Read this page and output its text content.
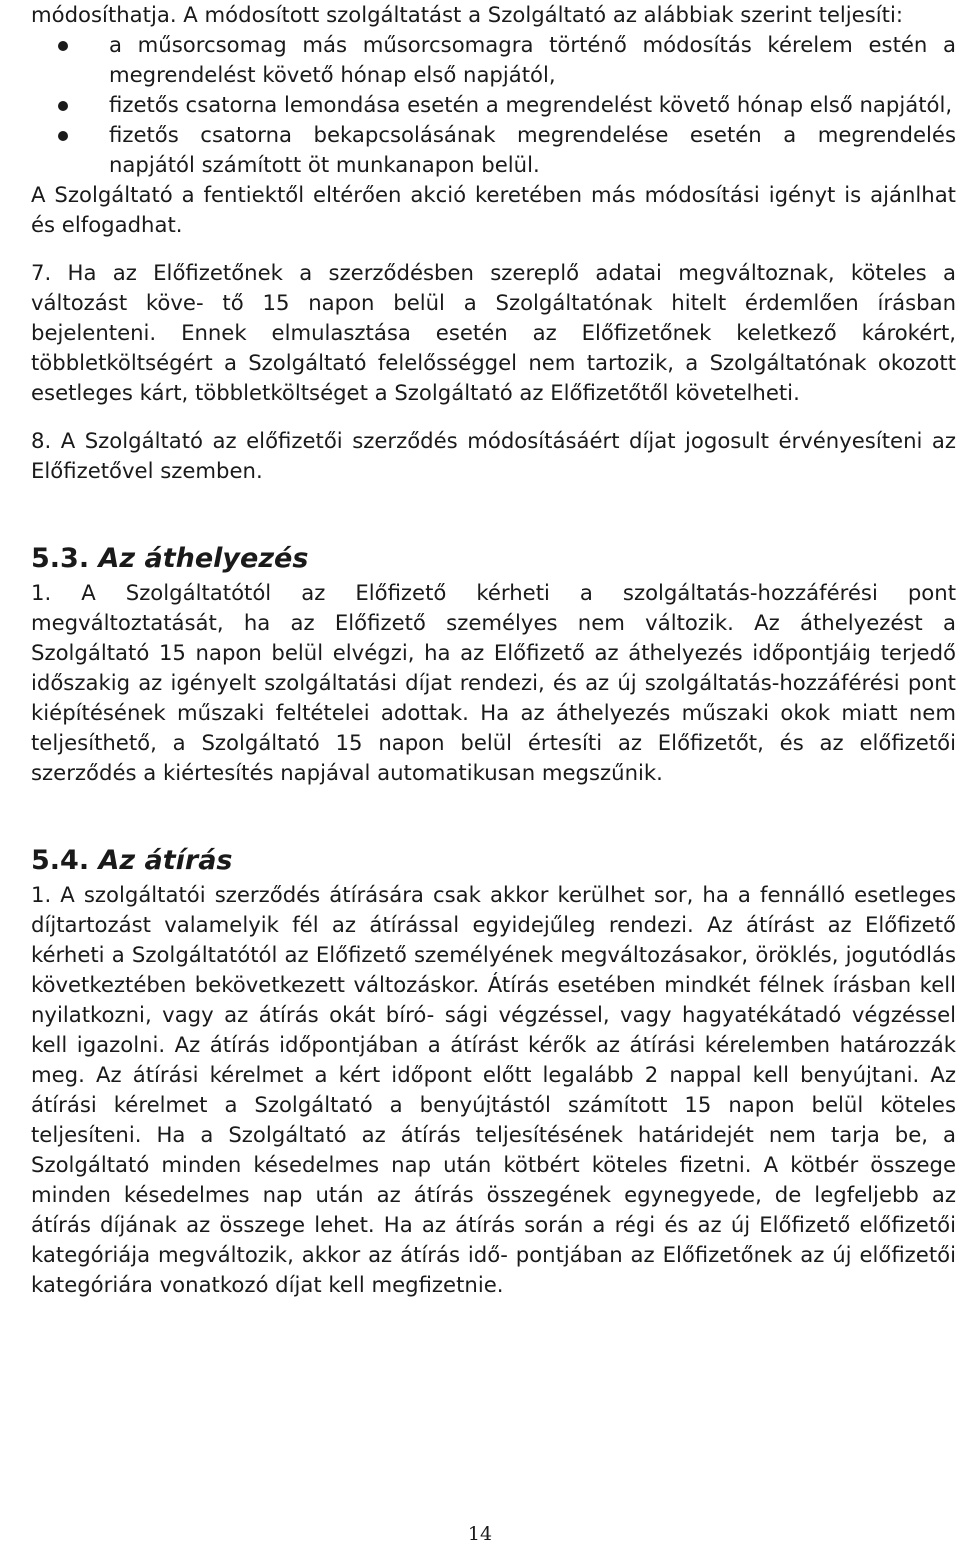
módosíthatja. A módosított szolgáltatást a Szolgáltató az alábbiak szerint teljesíti:

a műsorcsomag más műsorcsomagra történő módosítás kérelem estén a megrendelést követő hónap első napjától,
fizetős csatorna lemondása esetén a megrendelést követő hónap első napjától,
fizetős csatorna bekapcsolásának megrendelése esetén a megrendelés napjától számított öt munkanapon belül.

A Szolgáltató a fentiektől eltérően akció keretében más módosítási igényt is ajánlhat és elfogadhat.

7. Ha az Előfizetőnek a szerződésben szereplő adatai megváltoznak, köteles a változást köve- tő 15 napon belül a Szolgáltatónak hitelt érdemlően írásban bejelenteni. Ennek elmulasztása esetén az Előfizetőnek keletkező károkért, többletköltségért a Szolgáltató felelősséggel nem tartozik, a Szolgáltatónak okozott esetleges kárt, többletköltséget a Szolgáltató az Előfizetőtől követelheti.

8. A Szolgáltató az előfizetői szerződés módosításáért díjat jogosult érvényesíteni az Előfizetővel szemben.

5.3. Az áthelyezés

1. A Szolgáltatótól az Előfizető kérheti a szolgáltatás-hozzáférési pont megváltoztatását, ha az Előfizető személyes nem változik. Az áthelyezést a Szolgáltató 15 napon belül elvégzi, ha az Előfizető az áthelyezés időpontjáig terjedő időszakig az igényelt szolgáltatási díjat rendezi, és az új szolgáltatás-hozzáférési pont kiépítésének műszaki feltételei adottak. Ha az áthelyezés műszaki okok miatt nem teljesíthető, a Szolgáltató 15 napon belül értesíti az Előfizetőt, és az előfizetői szerződés a kiértesítés napjával automatikusan megszűnik.

5.4. Az átírás

1. A szolgáltatói szerződés átírására csak akkor kerülhet sor, ha a fennálló esetleges díjtartozást valamelyik fél az átírással egyidejűleg rendezi. Az átírást az Előfizető kérheti a Szolgáltatótól az Előfizető személyének megváltozásakor, öröklés, jogutódlás következtében bekövetkezett változáskor. Átírás esetében mindkét félnek írásban kell nyilatkozni, vagy az átírás okát bíró- sági végzéssel, vagy hagyatékátadó végzéssel kell igazolni. Az átírás időpontjában a átírást kérők az átírási kérelemben határozzák meg. Az átírási kérelmet a kért időpont előtt legalább 2 nappal kell benyújtani. Az átírási kérelmet a Szolgáltató a benyújtástól számított 15 napon belül köteles teljesíteni. Ha a Szolgáltató az átírás teljesítésének határidejét nem tarja be, a Szolgáltató minden késedelmes nap után kötbért köteles fizetni. A kötbér összege minden késedelmes nap után az átírás összegének egynegyede, de legfeljebb az átírás díjának az összege lehet. Ha az átírás során a régi és az új Előfizető előfizetői kategóriája megváltozik, akkor az átírás idő- pontjában az Előfizetőnek az új előfizetői kategóriára vonatkozó díjat kell megfizetnie.

14
